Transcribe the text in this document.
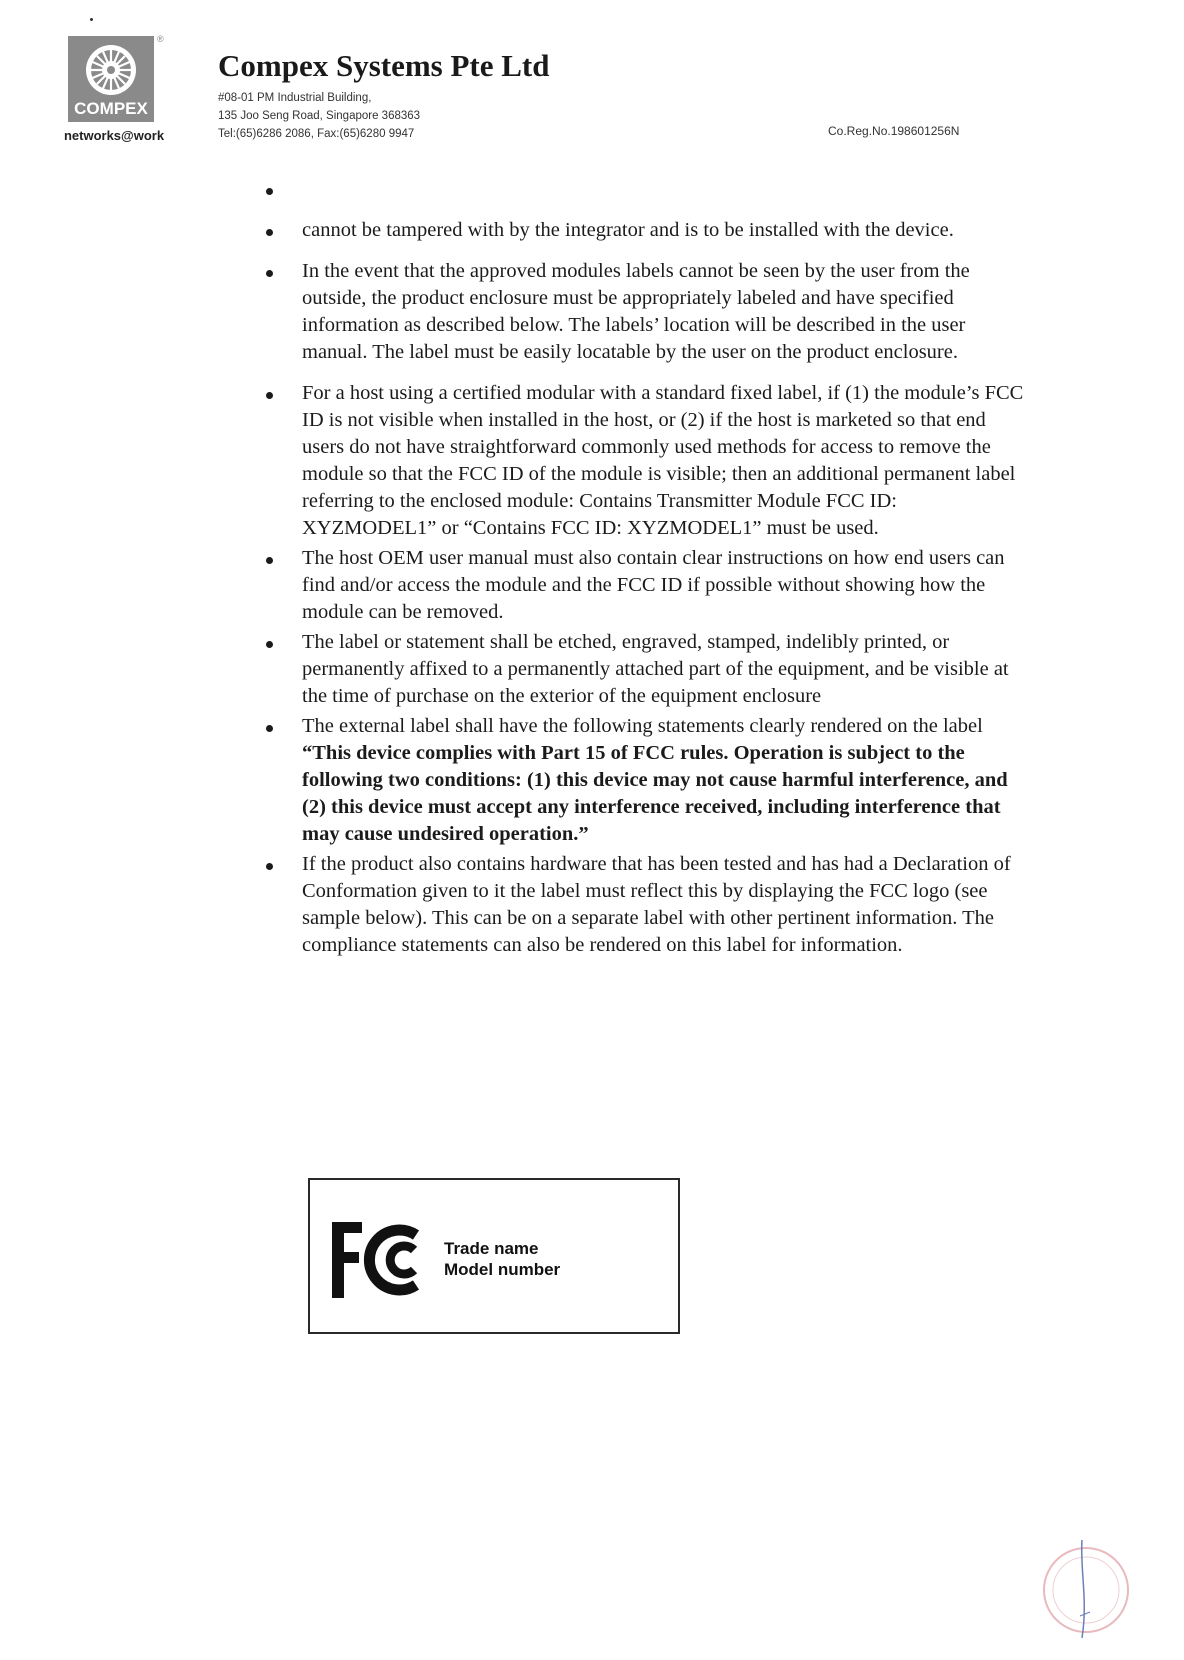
COMPEX
®
networks@work
Compex Systems Pte Ltd
#08-01 PM Industrial Building,
135 Joo Seng Road, Singapore 368363
Tel:(65)6286 2086, Fax:(65)6280 9947	Co.Reg.No.198601256N
cannot be tampered with by the integrator and is to be installed with the device.
In the event that the approved modules labels cannot be seen by the user from the outside, the product enclosure must be appropriately labeled and have specified information as described below. The labels’ location will be described in the user manual. The label must be easily locatable by the user on the product enclosure.
For a host using a certified modular with a standard fixed label, if (1) the module’s FCC ID is not visible when installed in the host, or (2) if the host is marketed so that end users do not have straightforward commonly used methods for access to remove the module so that the FCC ID of the module is visible; then an additional permanent label referring to the enclosed module: Contains Transmitter Module FCC ID: XYZMODEL1” or “Contains FCC ID: XYZMODEL1” must be used.
The host OEM user manual must also contain clear instructions on how end users can find and/or access the module and the FCC ID if possible without showing how the module can be removed.
The label or statement shall be etched, engraved, stamped, indelibly printed, or permanently affixed to a permanently attached part of the equipment, and be visible at the time of purchase on the exterior of the equipment enclosure
The external label shall have the following statements clearly rendered on the label “This device complies with Part 15 of FCC rules. Operation is subject to the following two conditions: (1) this device may not cause harmful interference, and (2) this device must accept any interference received, including interference that may cause undesired operation.”
If the product also contains hardware that has been tested and has had a Declaration of Conformation given to it the label must reflect this by displaying the FCC logo (see sample below). This can be on a separate label with other pertinent information. The compliance statements can also be rendered on this label for information.
Trade name
Model number
